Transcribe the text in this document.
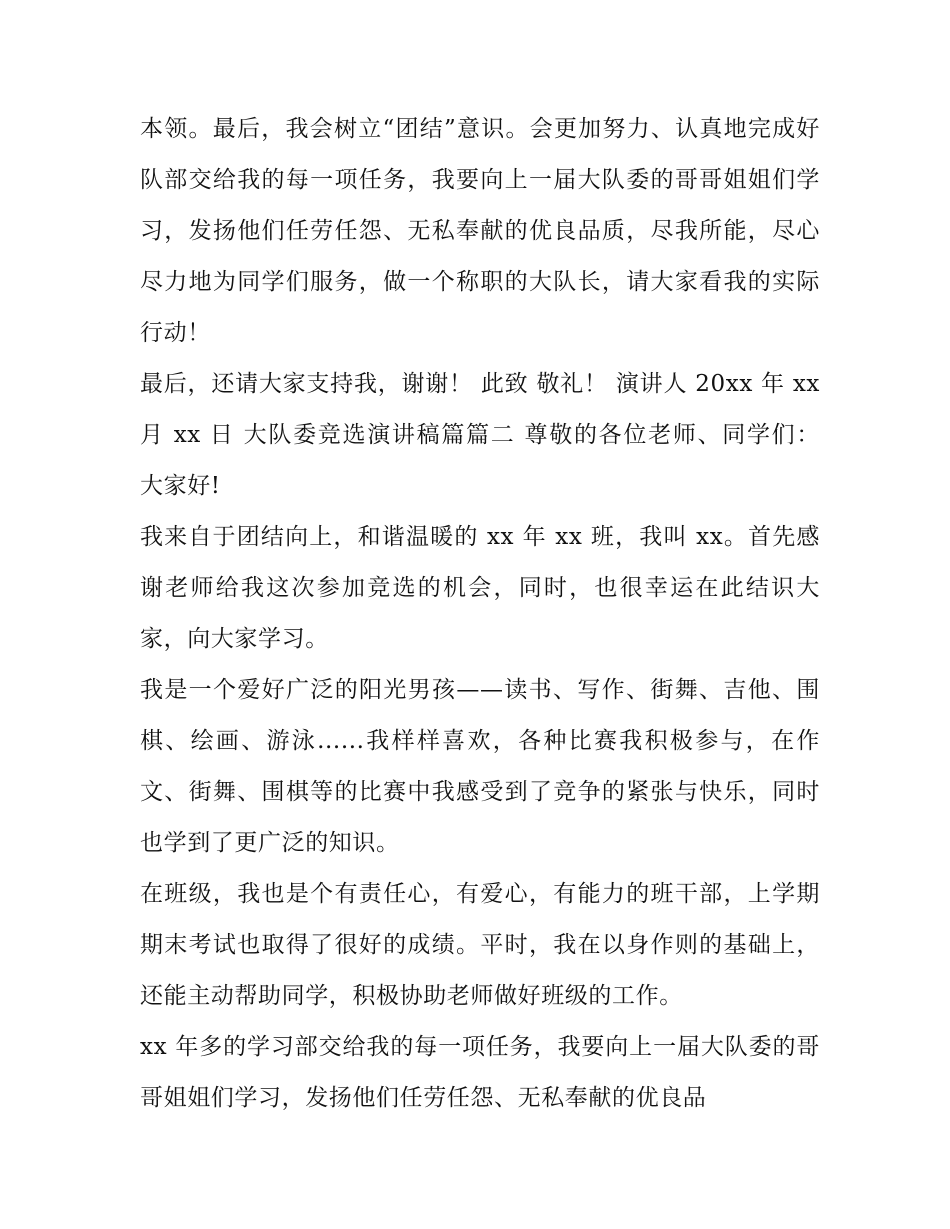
本领。最后，我会树立“团结”意识。会更加努力、认真地完成好队部交给我的每一项任务，我要向上一届大队委的哥哥姐姐们学习，发扬他们任劳任怨、无私奉献的优良品质，尽我所能，尽心尽力地为同学们服务，做一个称职的大队长，请大家看我的实际行动！

最后，还请大家支持我，谢谢！ 此致 敬礼！ 演讲人 20xx 年 xx 月 xx 日 大队委竞选演讲稿篇篇二 尊敬的各位老师、同学们： 大家好!

我来自于团结向上，和谐温暖的 xx 年 xx 班，我叫 xx。首先感谢老师给我这次参加竞选的机会，同时，也很幸运在此结识大家，向大家学习。

我是一个爱好广泛的阳光男孩——读书、写作、街舞、吉他、围棋、绘画、游泳......我样样喜欢，各种比赛我积极参与，在作文、街舞、围棋等的比赛中我感受到了竞争的紧张与快乐，同时也学到了更广泛的知识。

在班级，我也是个有责任心，有爱心，有能力的班干部，上学期期末考试也取得了很好的成绩。平时，我在以身作则的基础上，还能主动帮助同学，积极协助老师做好班级的工作。

xx 年多的学习部交给我的每一项任务，我要向上一届大队委的哥哥姐姐们学习，发扬他们任劳任怨、无私奉献的优良品
